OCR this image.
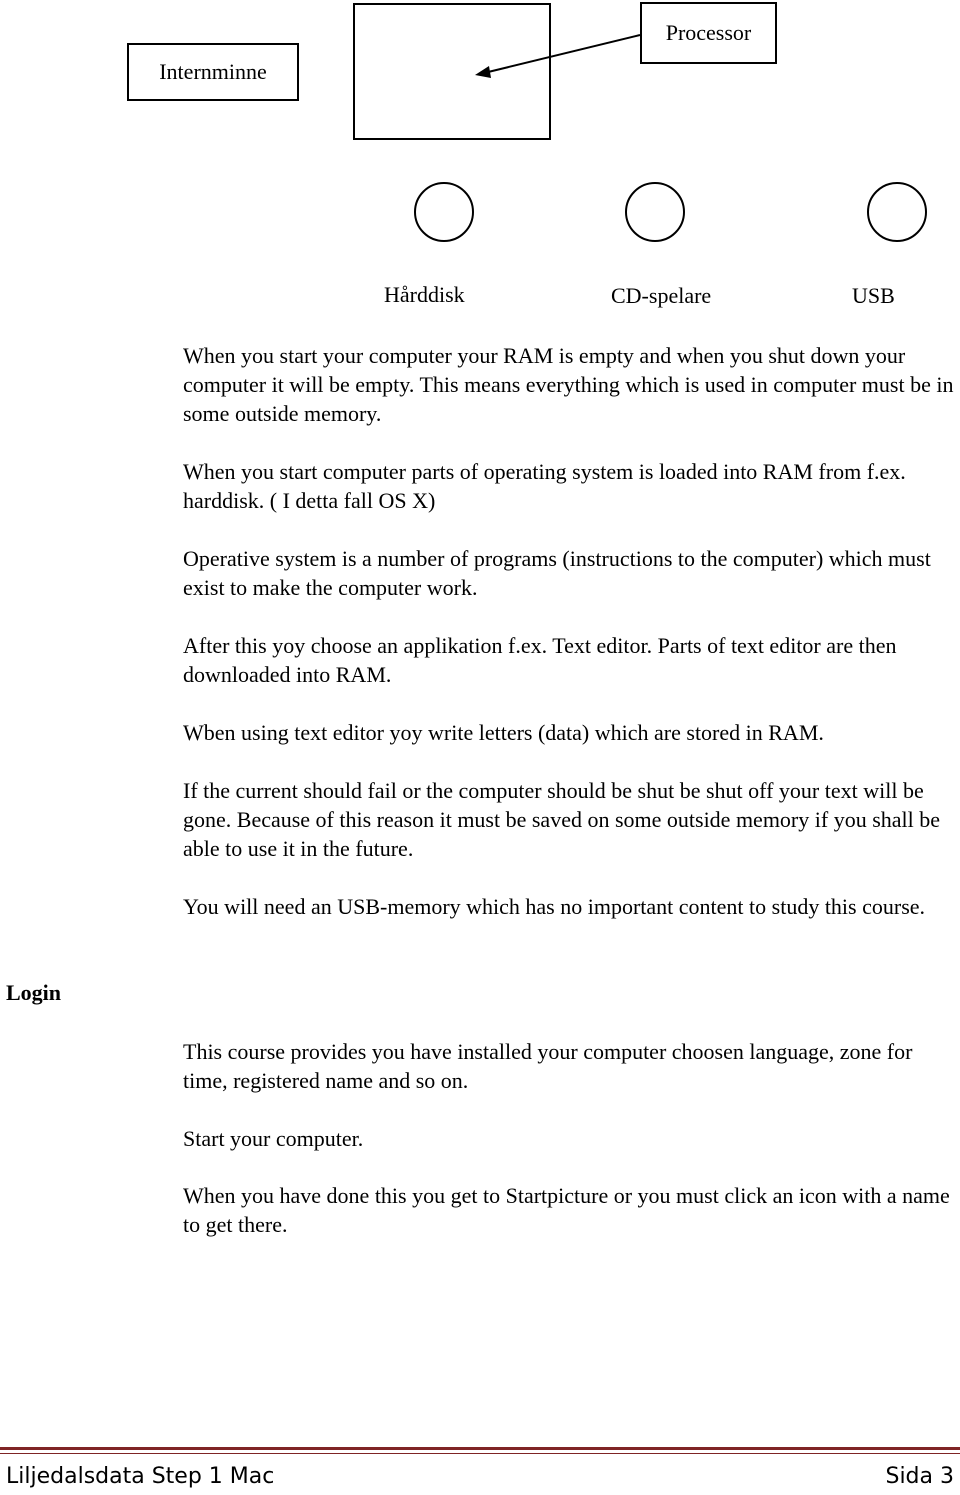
Internminne
Processor
Hårddisk	CD-spelare	USB

When you start your computer your RAM is empty and when you shut down your computer it will be empty. This means everything which is used in computer must be in some outside memory.

When you start computer parts of operating system is loaded into RAM from f.ex. harddisk. ( I detta fall OS X)

Operative system is a number of programs (instructions to the computer) which must exist to make the computer work.

After this yoy choose an applikation f.ex. Text editor. Parts of text editor are then downloaded into RAM.

Wben using text editor yoy write letters (data) which are stored in RAM.

If the current should fail or the computer should be shut be shut off your text will be gone. Because of this reason it must be saved on some outside memory if you shall be able to use it in the future.

You will need an USB-memory which has no important content to study this course.

Login

This course provides you have installed your computer choosen language, zone for time, registered name and so on.

Start your computer.

When you have done this you get to Startpicture or you must click an icon with a name to get there.

Liljedalsdata Step 1 Mac	Sida 3
